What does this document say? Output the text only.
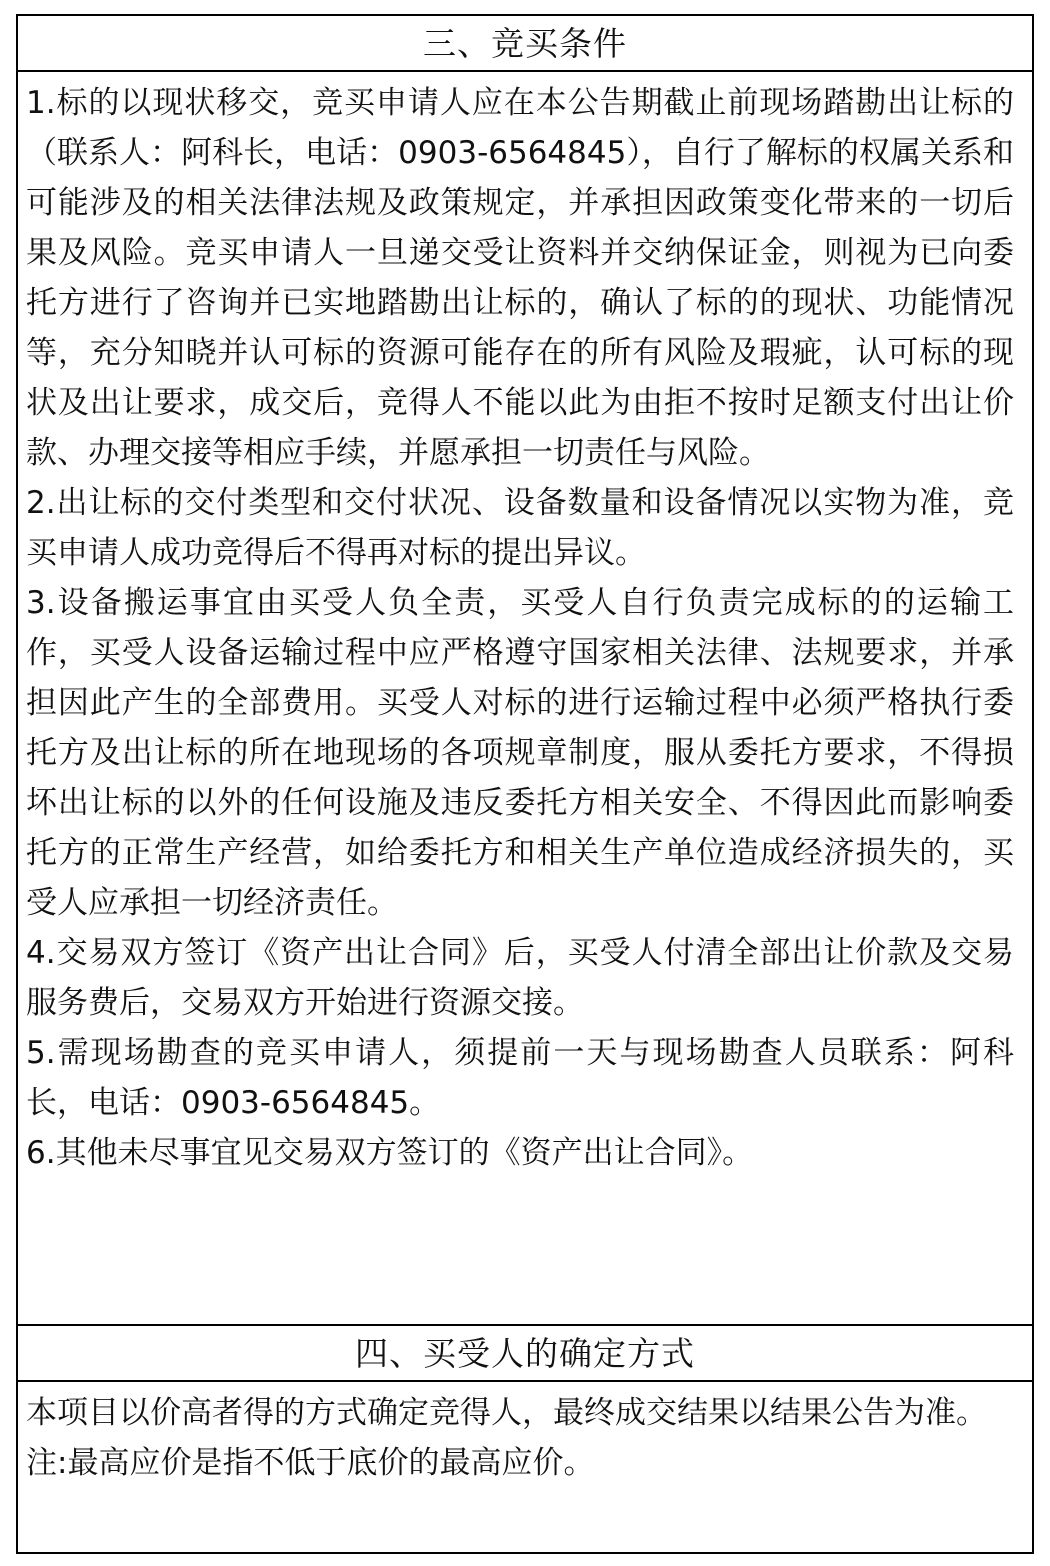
三、竞买条件

1.标的以现状移交，竞买申请人应在本公告期截止前现场踏勘出让标的（联系人：阿科长，电话：0903-6564845），自行了解标的权属关系和可能涉及的相关法律法规及政策规定，并承担因政策变化带来的一切后果及风险。竞买申请人一旦递交受让资料并交纳保证金，则视为已向委托方进行了咨询并已实地踏勘出让标的，确认了标的的现状、功能情况等，充分知晓并认可标的资源可能存在的所有风险及瑕疵，认可标的现状及出让要求，成交后，竞得人不能以此为由拒不按时足额支付出让价款、办理交接等相应手续，并愿承担一切责任与风险。

2.出让标的交付类型和交付状况、设备数量和设备情况以实物为准，竞买申请人成功竞得后不得再对标的提出异议。

3.设备搬运事宜由买受人负全责，买受人自行负责完成标的的运输工作，买受人设备运输过程中应严格遵守国家相关法律、法规要求，并承担因此产生的全部费用。买受人对标的进行运输过程中必须严格执行委托方及出让标的所在地现场的各项规章制度，服从委托方要求，不得损坏出让标的以外的任何设施及违反委托方相关安全、不得因此而影响委托方的正常生产经营，如给委托方和相关生产单位造成经济损失的，买受人应承担一切经济责任。

4.交易双方签订《资产出让合同》后，买受人付清全部出让价款及交易服务费后，交易双方开始进行资源交接。

5.需现场勘查的竞买申请人，须提前一天与现场勘查人员联系：阿科长，电话：0903-6564845。

6.其他未尽事宜见交易双方签订的《资产出让合同》。

四、买受人的确定方式

本项目以价高者得的方式确定竞得人，最终成交结果以结果公告为准。

注:最高应价是指不低于底价的最高应价。
